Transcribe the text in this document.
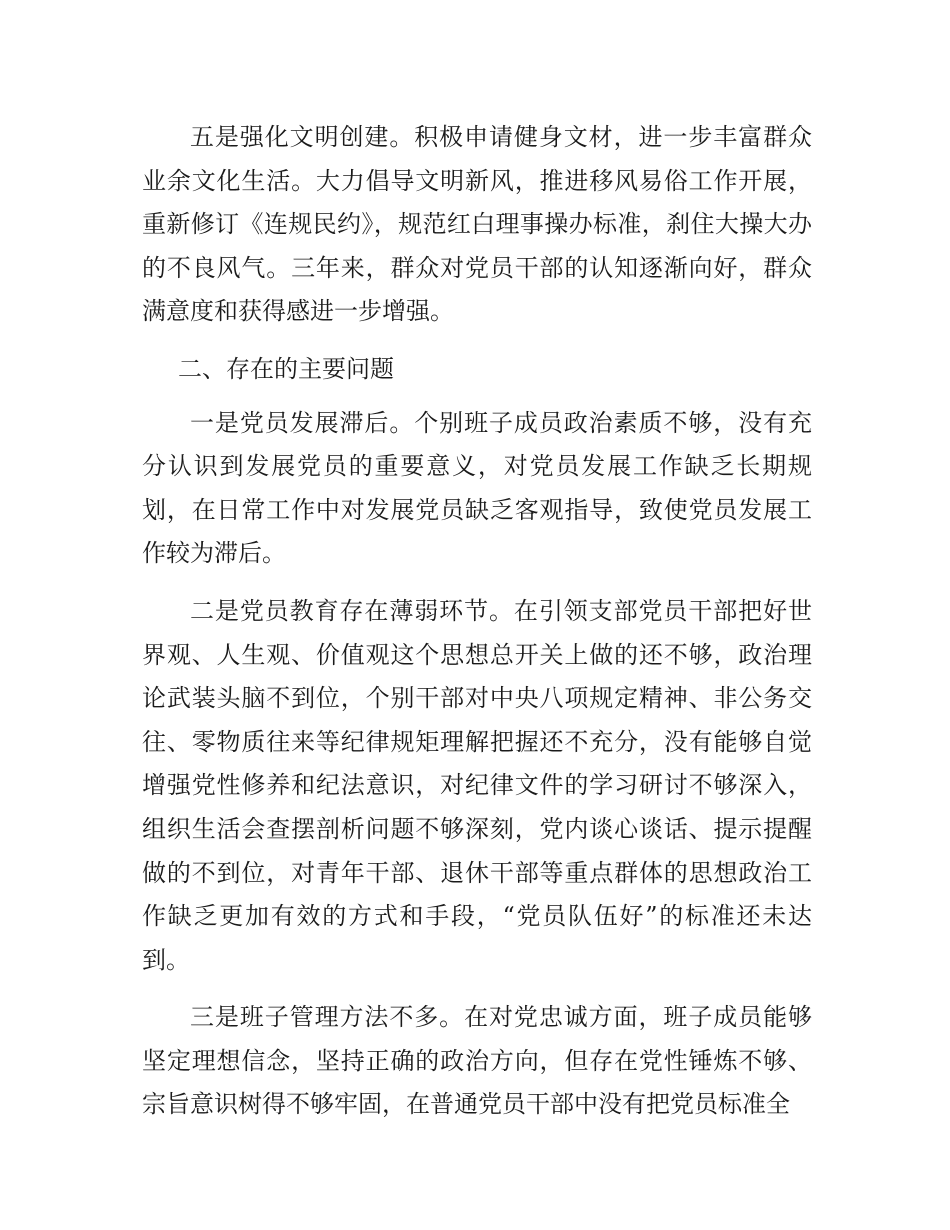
五是强化文明创建。积极申请健身文材，进一步丰富群众业余文化生活。大力倡导文明新风，推进移风易俗工作开展，重新修订《连规民约》，规范红白理事操办标准，刹住大操大办的不良风气。三年来，群众对党员干部的认知逐渐向好，群众满意度和获得感进一步增强。

二、存在的主要问题

一是党员发展滞后。个别班子成员政治素质不够，没有充分认识到发展党员的重要意义，对党员发展工作缺乏长期规划，在日常工作中对发展党员缺乏客观指导，致使党员发展工作较为滞后。

二是党员教育存在薄弱环节。在引领支部党员干部把好世界观、人生观、价值观这个思想总开关上做的还不够，政治理论武装头脑不到位，个别干部对中央八项规定精神、非公务交往、零物质往来等纪律规矩理解把握还不充分，没有能够自觉增强党性修养和纪法意识，对纪律文件的学习研讨不够深入，组织生活会查摆剖析问题不够深刻，党内谈心谈话、提示提醒做的不到位，对青年干部、退休干部等重点群体的思想政治工作缺乏更加有效的方式和手段，“党员队伍好”的标准还未达到。

三是班子管理方法不多。在对党忠诚方面，班子成员能够坚定理想信念，坚持正确的政治方向，但存在党性锤炼不够、宗旨意识树得不够牢固，在普通党员干部中没有把党员标准全
